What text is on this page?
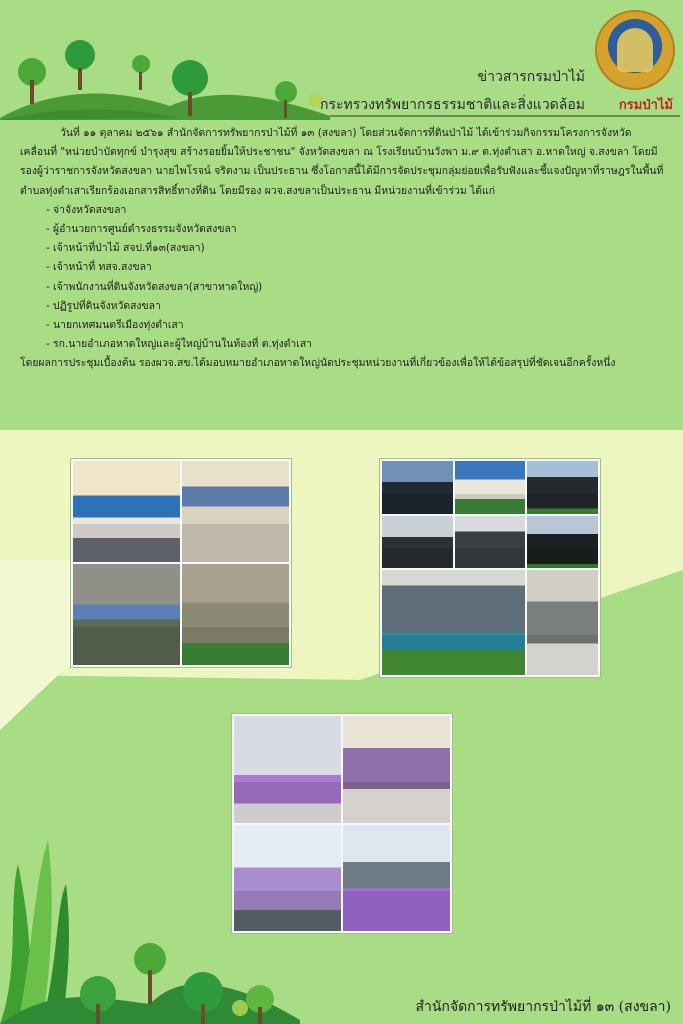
ข่าวสารกรมป่าไม้
กระทรวงทรัพยากรธรรมชาติและสิ่งแวดล้อม	กรมป่าไม้

วันที่ ๑๑ ตุลาคม ๒๕๖๑ สำนักจัดการทรัพยากรป่าไม้ที่ ๑๓ (สงขลา) โดยส่วนจัดการที่ดินป่าไม้ ได้เข้าร่วมกิจกรรมโครงการจังหวัดเคลื่อนที่ "หน่วยบำบัดทุกข์ บำรุงสุข สร้างรอยยิ้มให้ประชาชน" จังหวัดสงขลา ณ โรงเรียนบ้านวังพา ม.๙ ต.ทุ่งตำเสา อ.หาดใหญ่ จ.สงขลา โดยมีรองผู้ว่าราชการจังหวัดสงขลา นายไพโรจน์ จริตงาม เป็นประธาน ซึ่งโอกาสนี้ได้มีการจัดประชุมกลุ่มย่อยเพื่อรับฟังและชี้แจงปัญหาที่ราษฎรในพื้นที่ตำบลทุ่งตำเสาเรียกร้องเอกสารสิทธิ์ทางที่ดิน โดยมีรอง ผวจ.สงขลาเป็นประธาน มีหน่วยงานที่เข้าร่วม ได้แก่

- จ่าจังหวัดสงขลา
- ผู้อำนวยการศูนย์ดำรงธรรมจังหวัดสงขลา
- เจ้าหน้าที่ป่าไม้ สจป.ที่๑๓(สงขลา)
- เจ้าหน้าที่ ทสจ.สงขลา
- เจ้าพนักงานที่ดินจังหวัดสงขลา(สาขาหาดใหญ่)
- ปฏิรูปที่ดินจังหวัดสงขลา
- นายกเทศมนตรีเมืองทุ่งตำเสา
- รก.นายอำเภอหาดใหญ่และผู้ใหญ่บ้านในท้องที่ ต.ทุ่งตำเสา

โดยผลการประชุมเบื้องต้น รองผวจ.สข.ได้มอบหมายอำเภอหาดใหญ่นัดประชุมหน่วยงานที่เกี่ยวข้องเพื่อให้ได้ข้อสรุปที่ชัดเจนอีกครั้งหนึ่ง

สำนักจัดการทรัพยากรป่าไม้ที่ ๑๓ (สงขลา)
